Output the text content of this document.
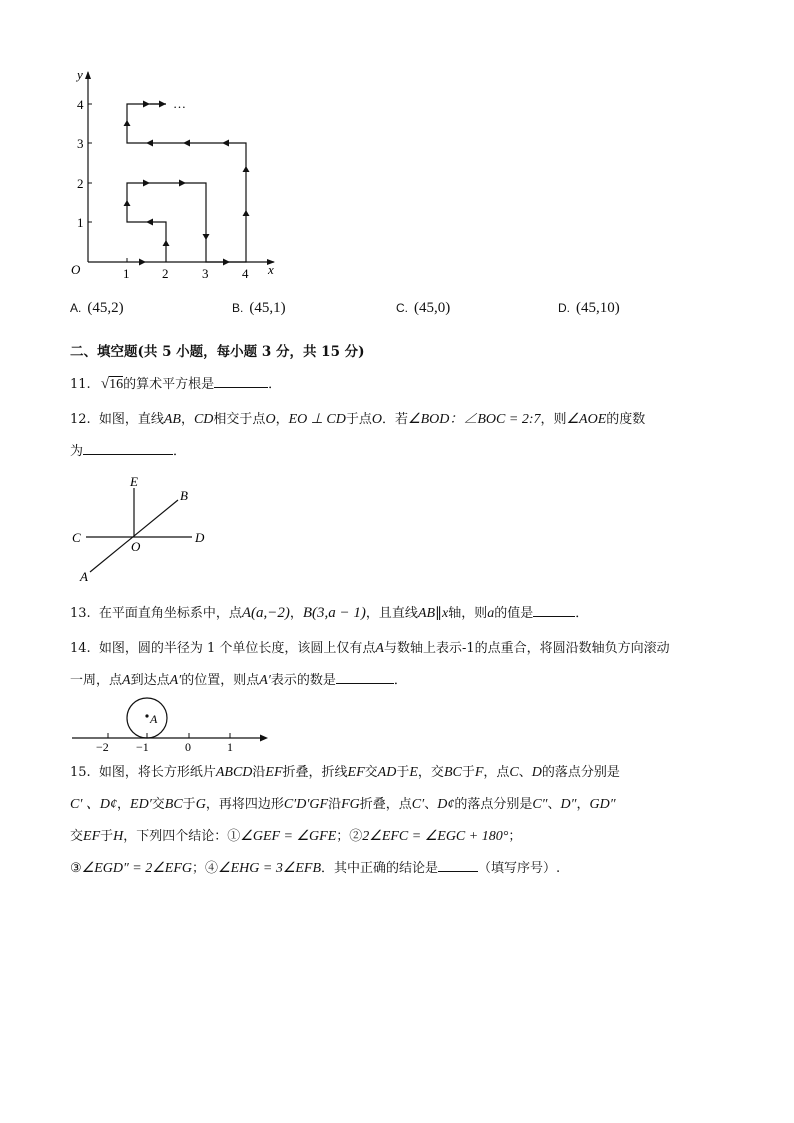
x
y
O	1	2	3	4
1
2
3
4	…
A. (45,2)	B. (45,1)	C. (45,0)	D. (45,10)
二、填空题(共 5 小题，每小题 3 分，共 15 分)
11. √16的算术平方根是	．
12. 如图，直线AB，CD相交于点O，EO ⊥ CD于点O．若∠BOD：∠BOC = 2:7，则∠AOE的度数
为	．
E
B
C
O
D
A
13. 在平面直角坐标系中，点A(a,−2)，B(3,a − 1)，且直线AB∥x轴，则a的值是	．
14. 如图，圆的半径为 1 个单位长度，该圆上仅有点A与数轴上表示-1的点重合，将圆沿数轴负方向滚动
一周，点A到达点A′的位置，则点A′表示的数是	．
A
−2 −1	0	1
15. 如图，将长方形纸片ABCD沿EF折叠，折线EF交AD于E，交BC于F，点C、D的落点分别是
C′ 、D¢，ED′交BC于G，再将四边形C′D′GF沿FG折叠，点C′、D¢的落点分别是C″、D″，GD″
交EF于H，下列四个结论：①∠GEF = ∠GFE；②2∠EFC = ∠EGC + 180°；
③∠EGD″ = 2∠EFG；④∠EHG = 3∠EFB．其中正确的结论是	（填写序号）.
